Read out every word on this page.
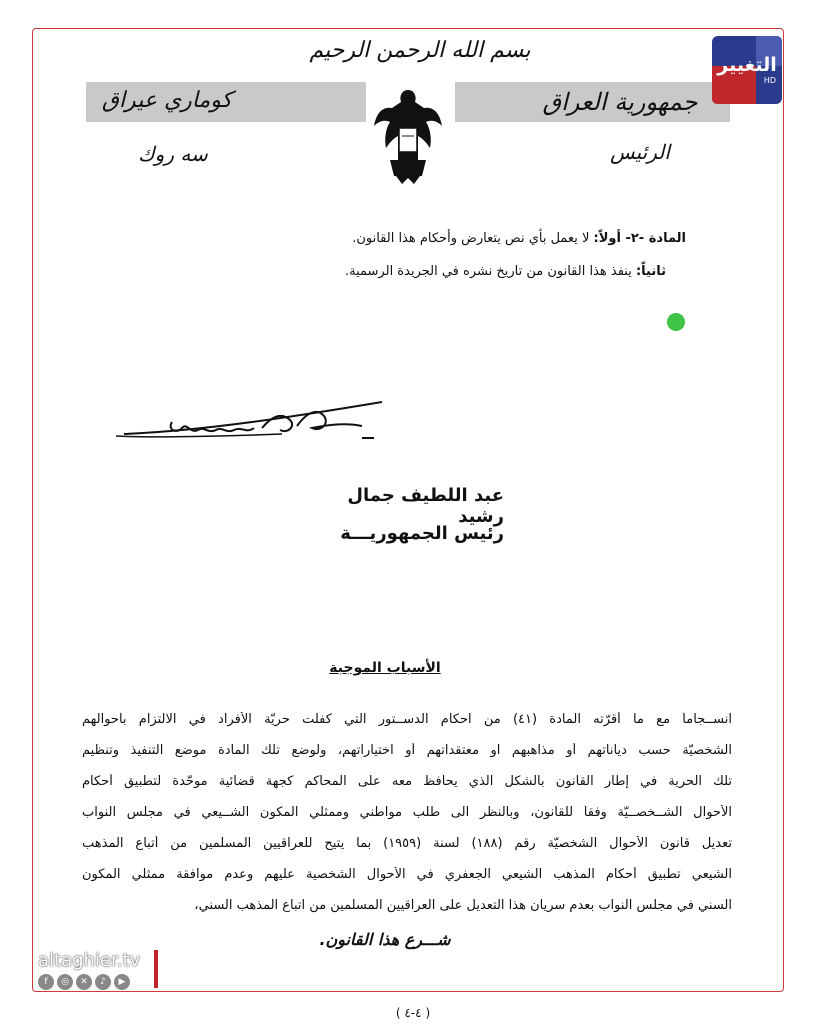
بسم الله الرحمن الرحيم
كوماري عيراق	جمهورية العراق
سه روك	الرئيس
التغيير
HD
المادة -٢- أولاً: لا يعمل بأي نص يتعارض وأحكام هذا القانون.
ثانياً: ينفذ هذا القانون من تاريخ نشره في الجريدة الرسمية.
عبد اللطيف جمال رشيد
رئيس الجمهوريـــة
الأسباب الموجبة
انســجاماً مع ما أقرّته المادة (٤١) من احكام الدســتور التي كفلت حريّة الأفراد في الالتزام بأحوالهم
الشخصيّة حسب دياناتهم أو مذاهبهم او معتقداتهم أو اختياراتهم، ولوضع تلك المادة موضع التنفيذ وتنظيم
تلك الحرية في إطار القانون بالشكل الذي يحافظ معه على المحاكم كجهة قضائية موحّدة لتطبيق أحكام
الأحوال الشــخصــيّة وفقاً للقانون، وبالنظر الى طلب مواطني وممثلي المكون الشــيعي في مجلس النواب
تعديل قانون الأحوال الشخصيّة رقم (١٨٨) لسنة (١٩٥٩) بما يتيح للعراقيين المسلمين من أتباع المذهب
الشيعي تطبيق أحكام المذهب الشيعي الجعفري في الأحوال الشخصية عليهم وعدم موافقة ممثلي المكون
السني في مجلس النواب بعدم سريان هذا التعديل على العراقيين المسلمين من اتباع المذهب السني،
شـــرع هذا القانون.
( ٤-٤ )
altaghier.tv
f	◎	✕	♪	▶
